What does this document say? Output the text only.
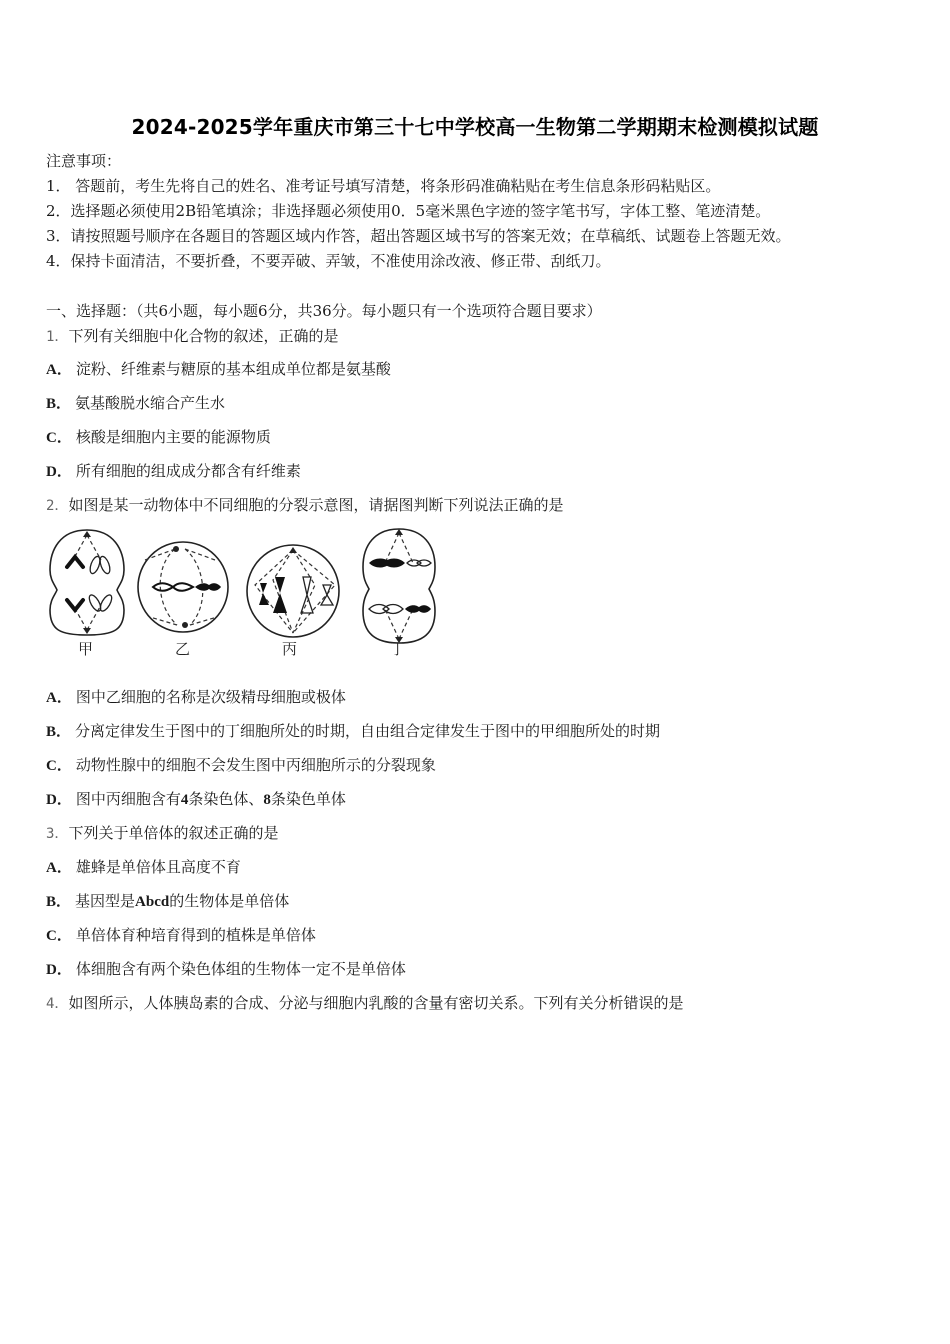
2024-2025学年重庆市第三十七中学校高一生物第二学期期末检测模拟试题
注意事项：
1． 答题前，考生先将自己的姓名、准考证号填写清楚，将条形码准确粘贴在考生信息条形码粘贴区。
2．选择题必须使用2B铅笔填涂；非选择题必须使用0．5毫米黑色字迹的签字笔书写，字体工整、笔迹清楚。
3．请按照题号顺序在各题目的答题区域内作答，超出答题区域书写的答案无效；在草稿纸、试题卷上答题无效。
4．保持卡面清洁，不要折叠，不要弄破、弄皱，不准使用涂改液、修正带、刮纸刀。
一、选择题：（共6小题，每小题6分，共36分。每小题只有一个选项符合题目要求）
1．下列有关细胞中化合物的叙述，正确的是
A． 淀粉、纤维素与糖原的基本组成单位都是氨基酸
B． 氨基酸脱水缩合产生水
C． 核酸是细胞内主要的能源物质
D． 所有细胞的组成成分都含有纤维素
2．如图是某一动物体中不同细胞的分裂示意图，请据图判断下列说法正确的是
甲	乙	丙	丁
A． 图中乙细胞的名称是次级精母细胞或极体
B． 分离定律发生于图中的丁细胞所处的时期，自由组合定律发生于图中的甲细胞所处的时期
C． 动物性腺中的细胞不会发生图中丙细胞所示的分裂现象
D． 图中丙细胞含有4条染色体、8条染色单体
3．下列关于单倍体的叙述正确的是
A． 雄蜂是单倍体且高度不育
B． 基因型是Abcd的生物体是单倍体
C． 单倍体育种培育得到的植株是单倍体
D． 体细胞含有两个染色体组的生物体一定不是单倍体
4．如图所示，人体胰岛素的合成、分泌与细胞内乳酸的含量有密切关系。下列有关分析错误的是
